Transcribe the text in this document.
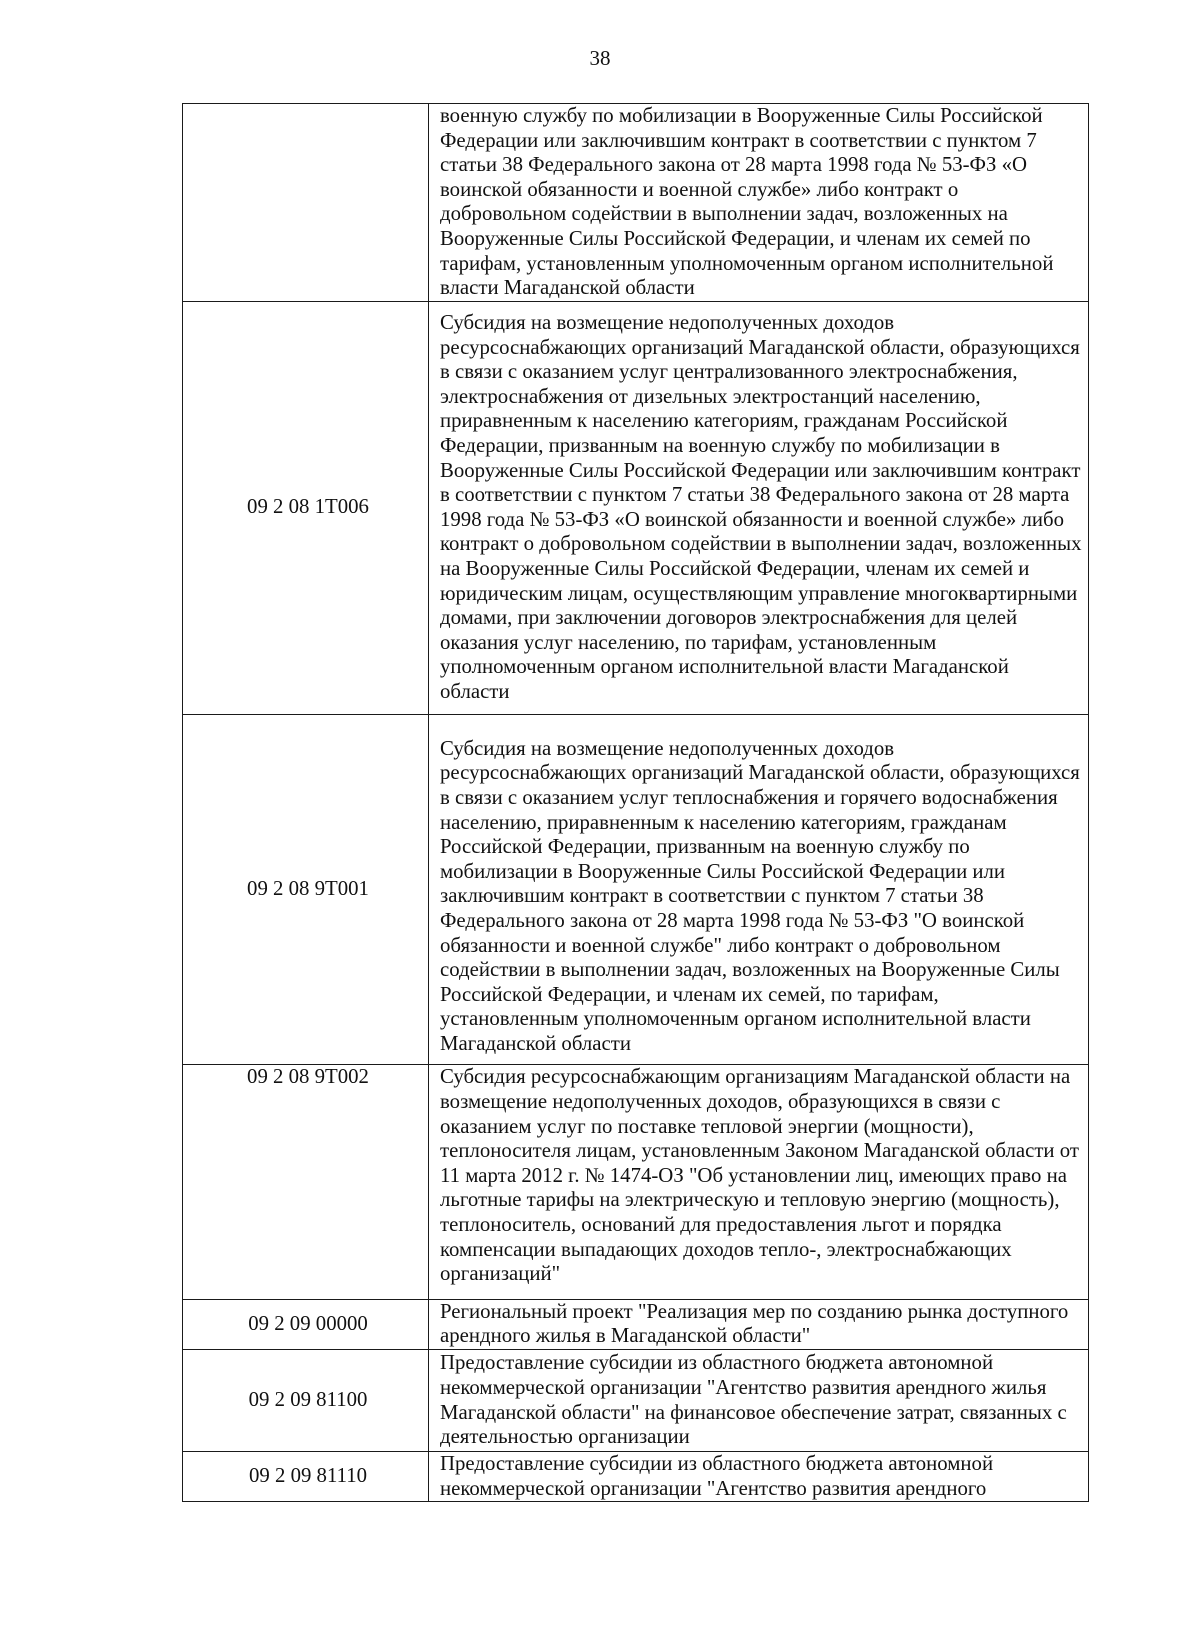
38
	военную службу по мобилизации в Вооруженные Силы Российской Федерации или заключившим контракт в соответствии с пунктом 7 статьи 38 Федерального закона от 28 марта 1998 года № 53-ФЗ «О воинской обязанности и военной службе» либо контракт о добровольном содействии в выполнении задач, возложенных на Вооруженные Силы Российской Федерации, и членам их семей по тарифам, установленным уполномоченным органом исполнительной власти Магаданской области
09 2 08 1Т006	Субсидия на возмещение недополученных доходов ресурсоснабжающих организаций Магаданской области, образующихся в связи с оказанием услуг централизованного электроснабжения, электроснабжения от дизельных электростанций населению, приравненным к населению категориям, гражданам Российской Федерации, призванным на военную службу по мобилизации в Вооруженные Силы Российской Федерации или заключившим контракт в соответствии с пунктом 7 статьи 38 Федерального закона от 28 марта 1998 года № 53-ФЗ «О воинской обязанности и военной службе» либо контракт о добровольном содействии в выполнении задач, возложенных на Вооруженные Силы Российской Федерации, членам их семей и юридическим лицам, осуществляющим управление многоквартирными домами, при заключении договоров электроснабжения для целей оказания услуг населению, по тарифам, установленным уполномоченным органом исполнительной власти Магаданской области
09 2 08 9Т001	Субсидия на возмещение недополученных доходов ресурсоснабжающих организаций Магаданской области, образующихся в связи с оказанием услуг теплоснабжения и горячего водоснабжения населению, приравненным к населению категориям, гражданам Российской Федерации, призванным на военную службу по мобилизации в Вооруженные Силы Российской Федерации или заключившим контракт в соответствии с пунктом 7 статьи 38 Федерального закона от 28 марта 1998 года № 53-ФЗ "О воинской обязанности и военной службе" либо контракт о добровольном содействии в выполнении задач, возложенных на Вооруженные Силы Российской Федерации, и членам их семей, по тарифам, установленным уполномоченным органом исполнительной власти Магаданской области
09 2 08 9Т002	Субсидия ресурсоснабжающим организациям Магаданской области на возмещение недополученных доходов, образующихся в связи с оказанием услуг по поставке тепловой энергии (мощности), теплоносителя лицам, установленным Законом Магаданской области от 11 марта 2012 г. № 1474-ОЗ "Об установлении лиц, имеющих право на льготные тарифы на электрическую и тепловую энергию (мощность), теплоноситель, оснований для предоставления льгот и порядка компенсации выпадающих доходов тепло-, электроснабжающих организаций"
09 2 09 00000	Региональный проект "Реализация мер по созданию рынка доступного арендного жилья в Магаданской области"
09 2 09 81100	Предоставление субсидии из областного бюджета автономной некоммерческой организации "Агентство развития арендного жилья Магаданской области" на финансовое обеспечение затрат, связанных с деятельностью организации
09 2 09 81110	Предоставление субсидии из областного бюджета автономной некоммерческой организации "Агентство развития арендного
